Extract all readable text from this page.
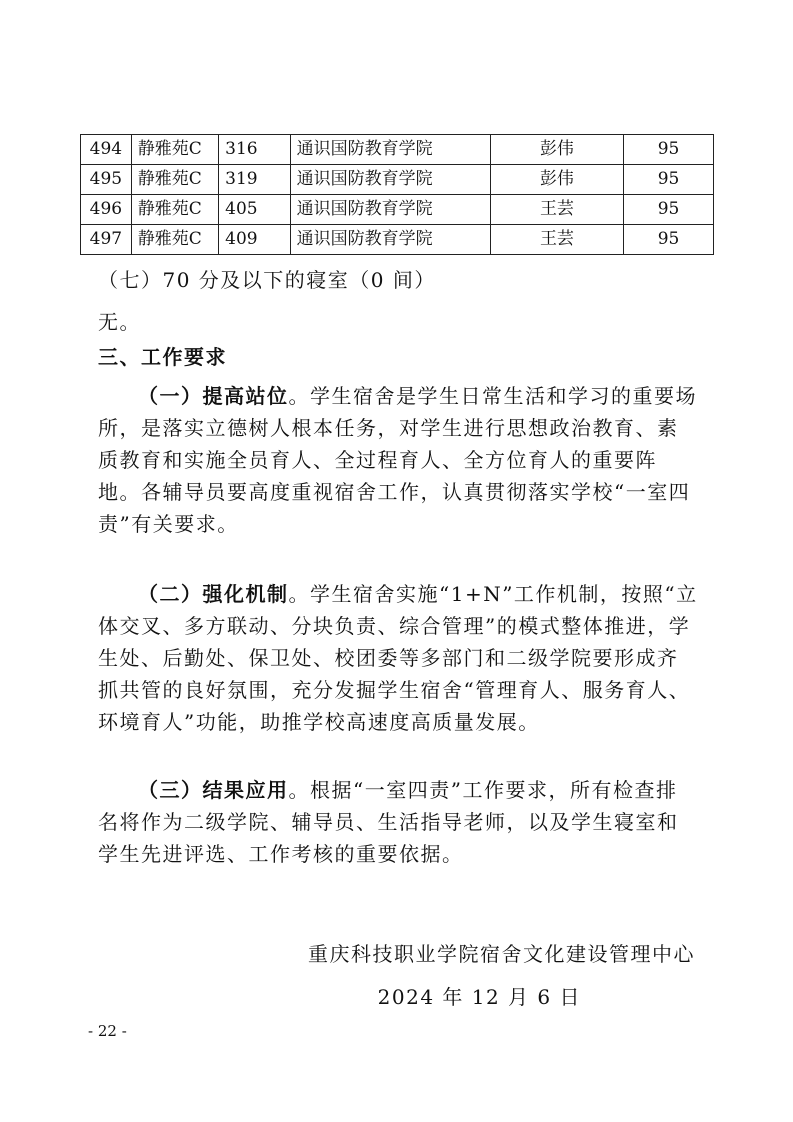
494	静雅苑C	316	通识国防教育学院	彭伟	95
495	静雅苑C	319	通识国防教育学院	彭伟	95
496	静雅苑C	405	通识国防教育学院	王芸	95
497	静雅苑C	409	通识国防教育学院	王芸	95
（七）70 分及以下的寝室（0 间）
无。
三、工作要求
（一）提高站位。学生宿舍是学生日常生活和学习的重要场所，是落实立德树人根本任务，对学生进行思想政治教育、素质教育和实施全员育人、全过程育人、全方位育人的重要阵地。各辅导员要高度重视宿舍工作，认真贯彻落实学校“一室四责”有关要求。
（二）强化机制。学生宿舍实施“1+N”工作机制，按照“立体交叉、多方联动、分块负责、综合管理”的模式整体推进，学生处、后勤处、保卫处、校团委等多部门和二级学院要形成齐抓共管的良好氛围，充分发掘学生宿舍“管理育人、服务育人、环境育人”功能，助推学校高速度高质量发展。
（三）结果应用。根据“一室四责”工作要求，所有检查排名将作为二级学院、辅导员、生活指导老师，以及学生寝室和学生先进评选、工作考核的重要依据。
重庆科技职业学院宿舍文化建设管理中心
2024 年 12 月 6 日
- 22 -
